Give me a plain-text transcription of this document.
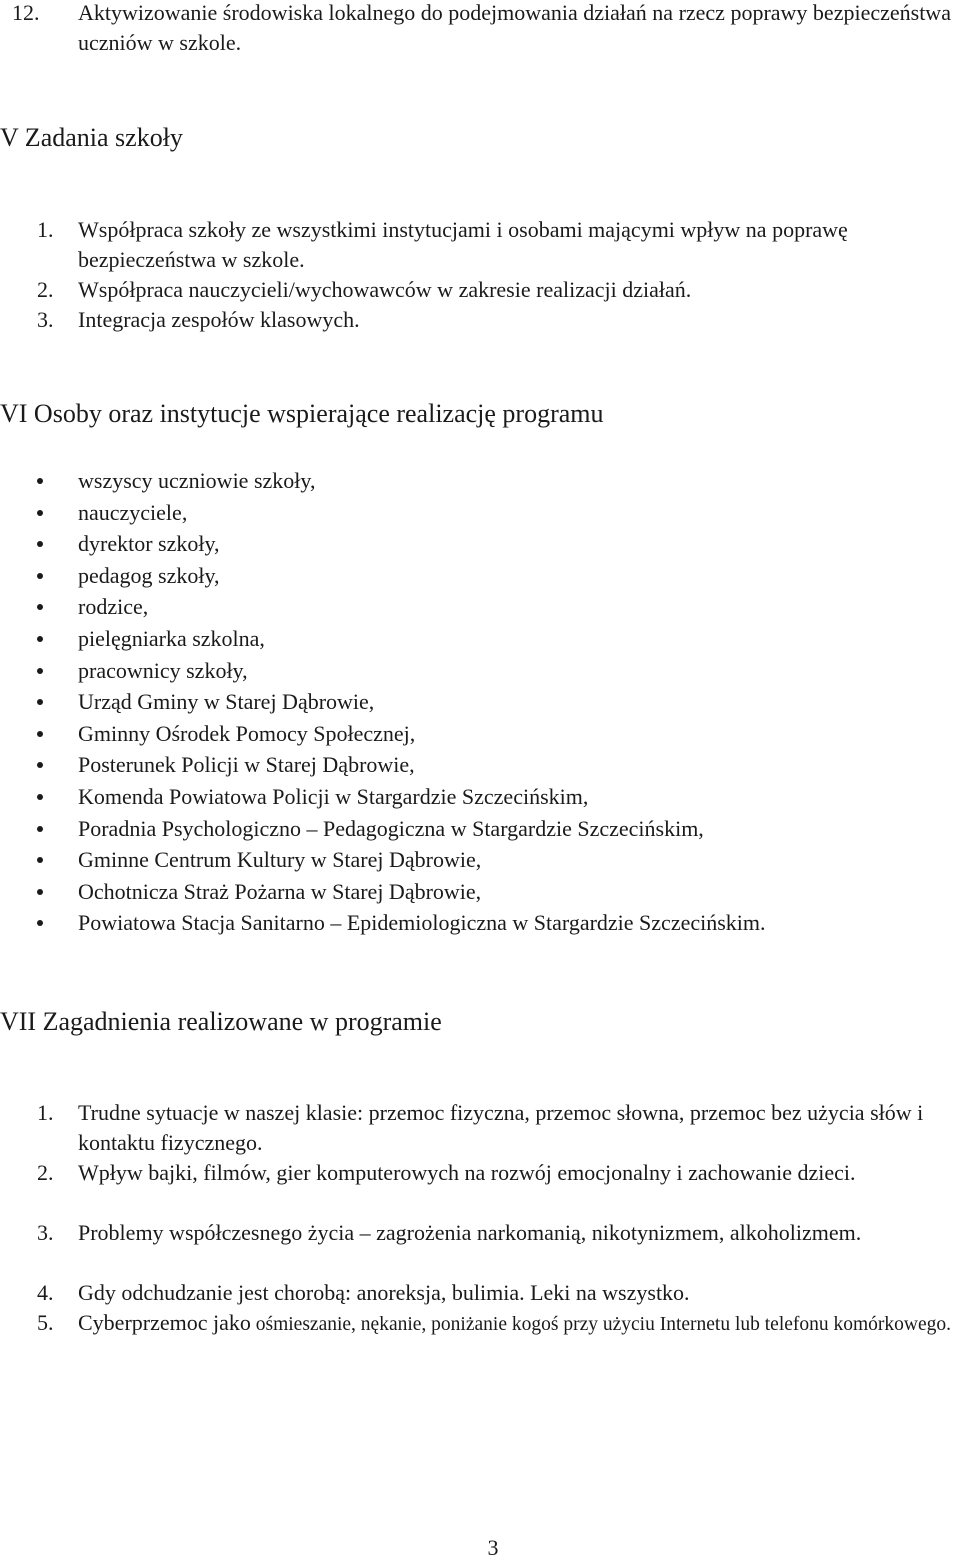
12. Aktywizowanie środowiska lokalnego do podejmowania działań na rzecz poprawy bezpieczeństwa uczniów w szkole.
V Zadania szkoły
1. Współpraca szkoły ze wszystkimi instytucjami i osobami mającymi wpływ na poprawę bezpieczeństwa w szkole.
2. Współpraca nauczycieli/wychowawców w zakresie realizacji działań.
3. Integracja zespołów klasowych.
VI Osoby oraz instytucje wspierające realizację programu
wszyscy uczniowie szkoły,
nauczyciele,
dyrektor szkoły,
pedagog szkoły,
rodzice,
pielęgniarka szkolna,
pracownicy szkoły,
Urząd Gminy w Starej Dąbrowie,
Gminny Ośrodek Pomocy Społecznej,
Posterunek Policji w Starej Dąbrowie,
Komenda Powiatowa Policji w Stargardzie Szczecińskim,
Poradnia Psychologiczno – Pedagogiczna w Stargardzie Szczecińskim,
Gminne Centrum Kultury w Starej Dąbrowie,
Ochotnicza Straż Pożarna w Starej Dąbrowie,
Powiatowa Stacja Sanitarno – Epidemiologiczna w Stargardzie Szczecińskim.
VII Zagadnienia realizowane w programie
1. Trudne sytuacje w naszej klasie: przemoc fizyczna, przemoc słowna, przemoc bez użycia słów i kontaktu fizycznego.
2. Wpływ bajki, filmów, gier komputerowych na rozwój emocjonalny i zachowanie dzieci.
3. Problemy współczesnego życia – zagrożenia narkomanią, nikotynizmem, alkoholizmem.
4. Gdy odchudzanie jest chorobą: anoreksja, bulimia. Leki na wszystko.
5. Cyberprzemoc jako ośmieszanie, nękanie, poniżanie kogoś przy użyciu Internetu lub telefonu komórkowego.
3
